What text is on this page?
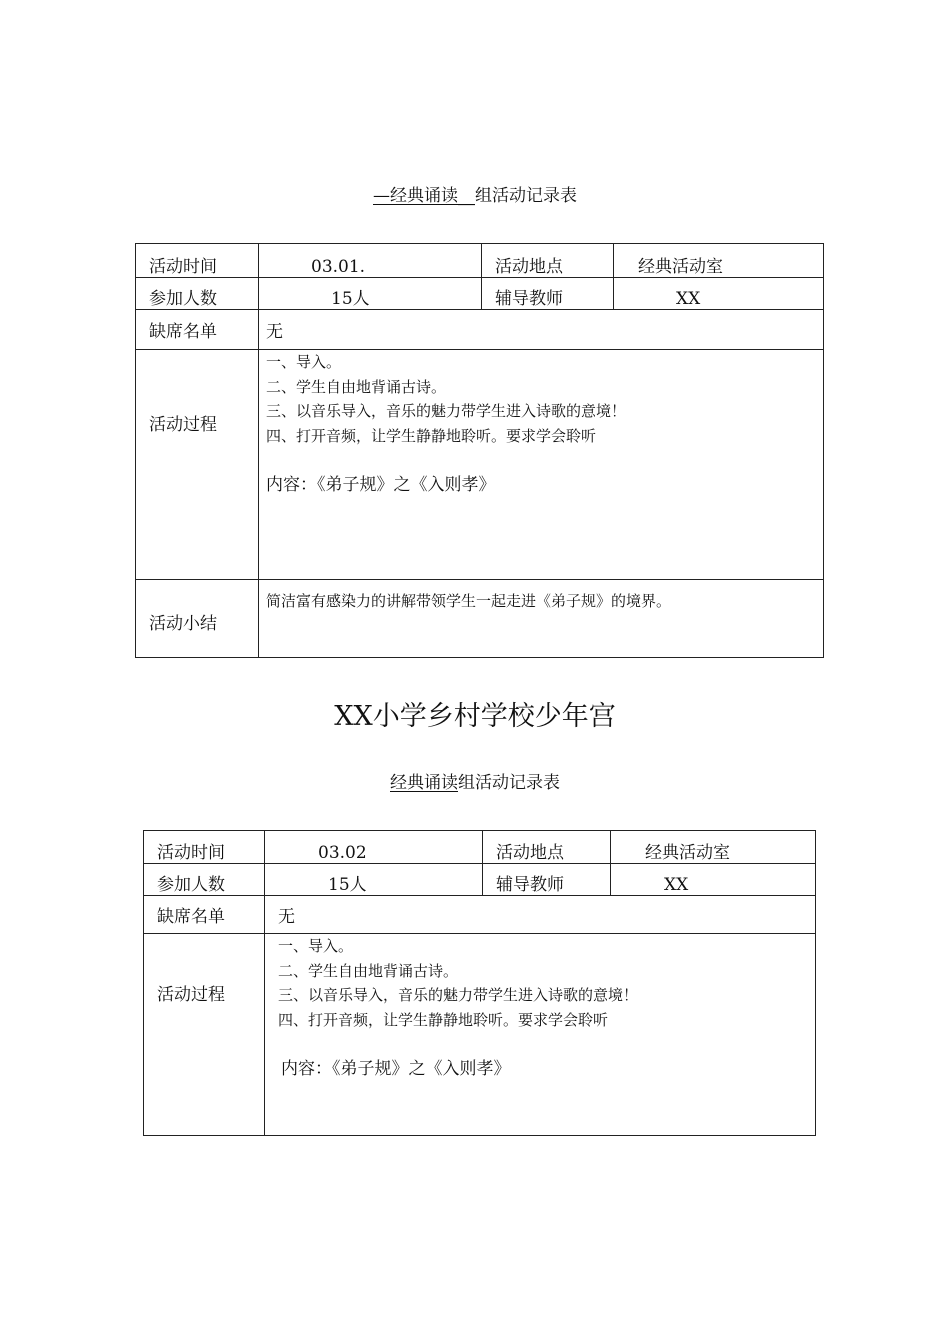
—经典诵读__组活动记录表
活动时间	03.01.	活动地点	经典活动室
参加人数	15人	辅导教师	XX
缺席名单	无		
活动过程	一、导入。
二、学生自由地背诵古诗。
三、以音乐导入，音乐的魅力带学生进入诗歌的意境！
四、打开音频，让学生静静地聆听。要求学会聆听
内容：《弟子规》之《入则孝》		

活动小结	简洁富有感染力的讲解带领学生一起走进《弟子规》的境界。		
XX小学乡村学校少年宫
经典诵读组活动记录表
活动时间	03.02	活动地点	经典活动室
参加人数	15人	辅导教师	XX
缺席名单	无		
活动过程	一、导入。
二、学生自由地背诵古诗。
三、以音乐导入，音乐的魅力带学生进入诗歌的意境！
四、打开音频，让学生静静地聆听。要求学会聆听
内容：《弟子规》之《入则孝》		
